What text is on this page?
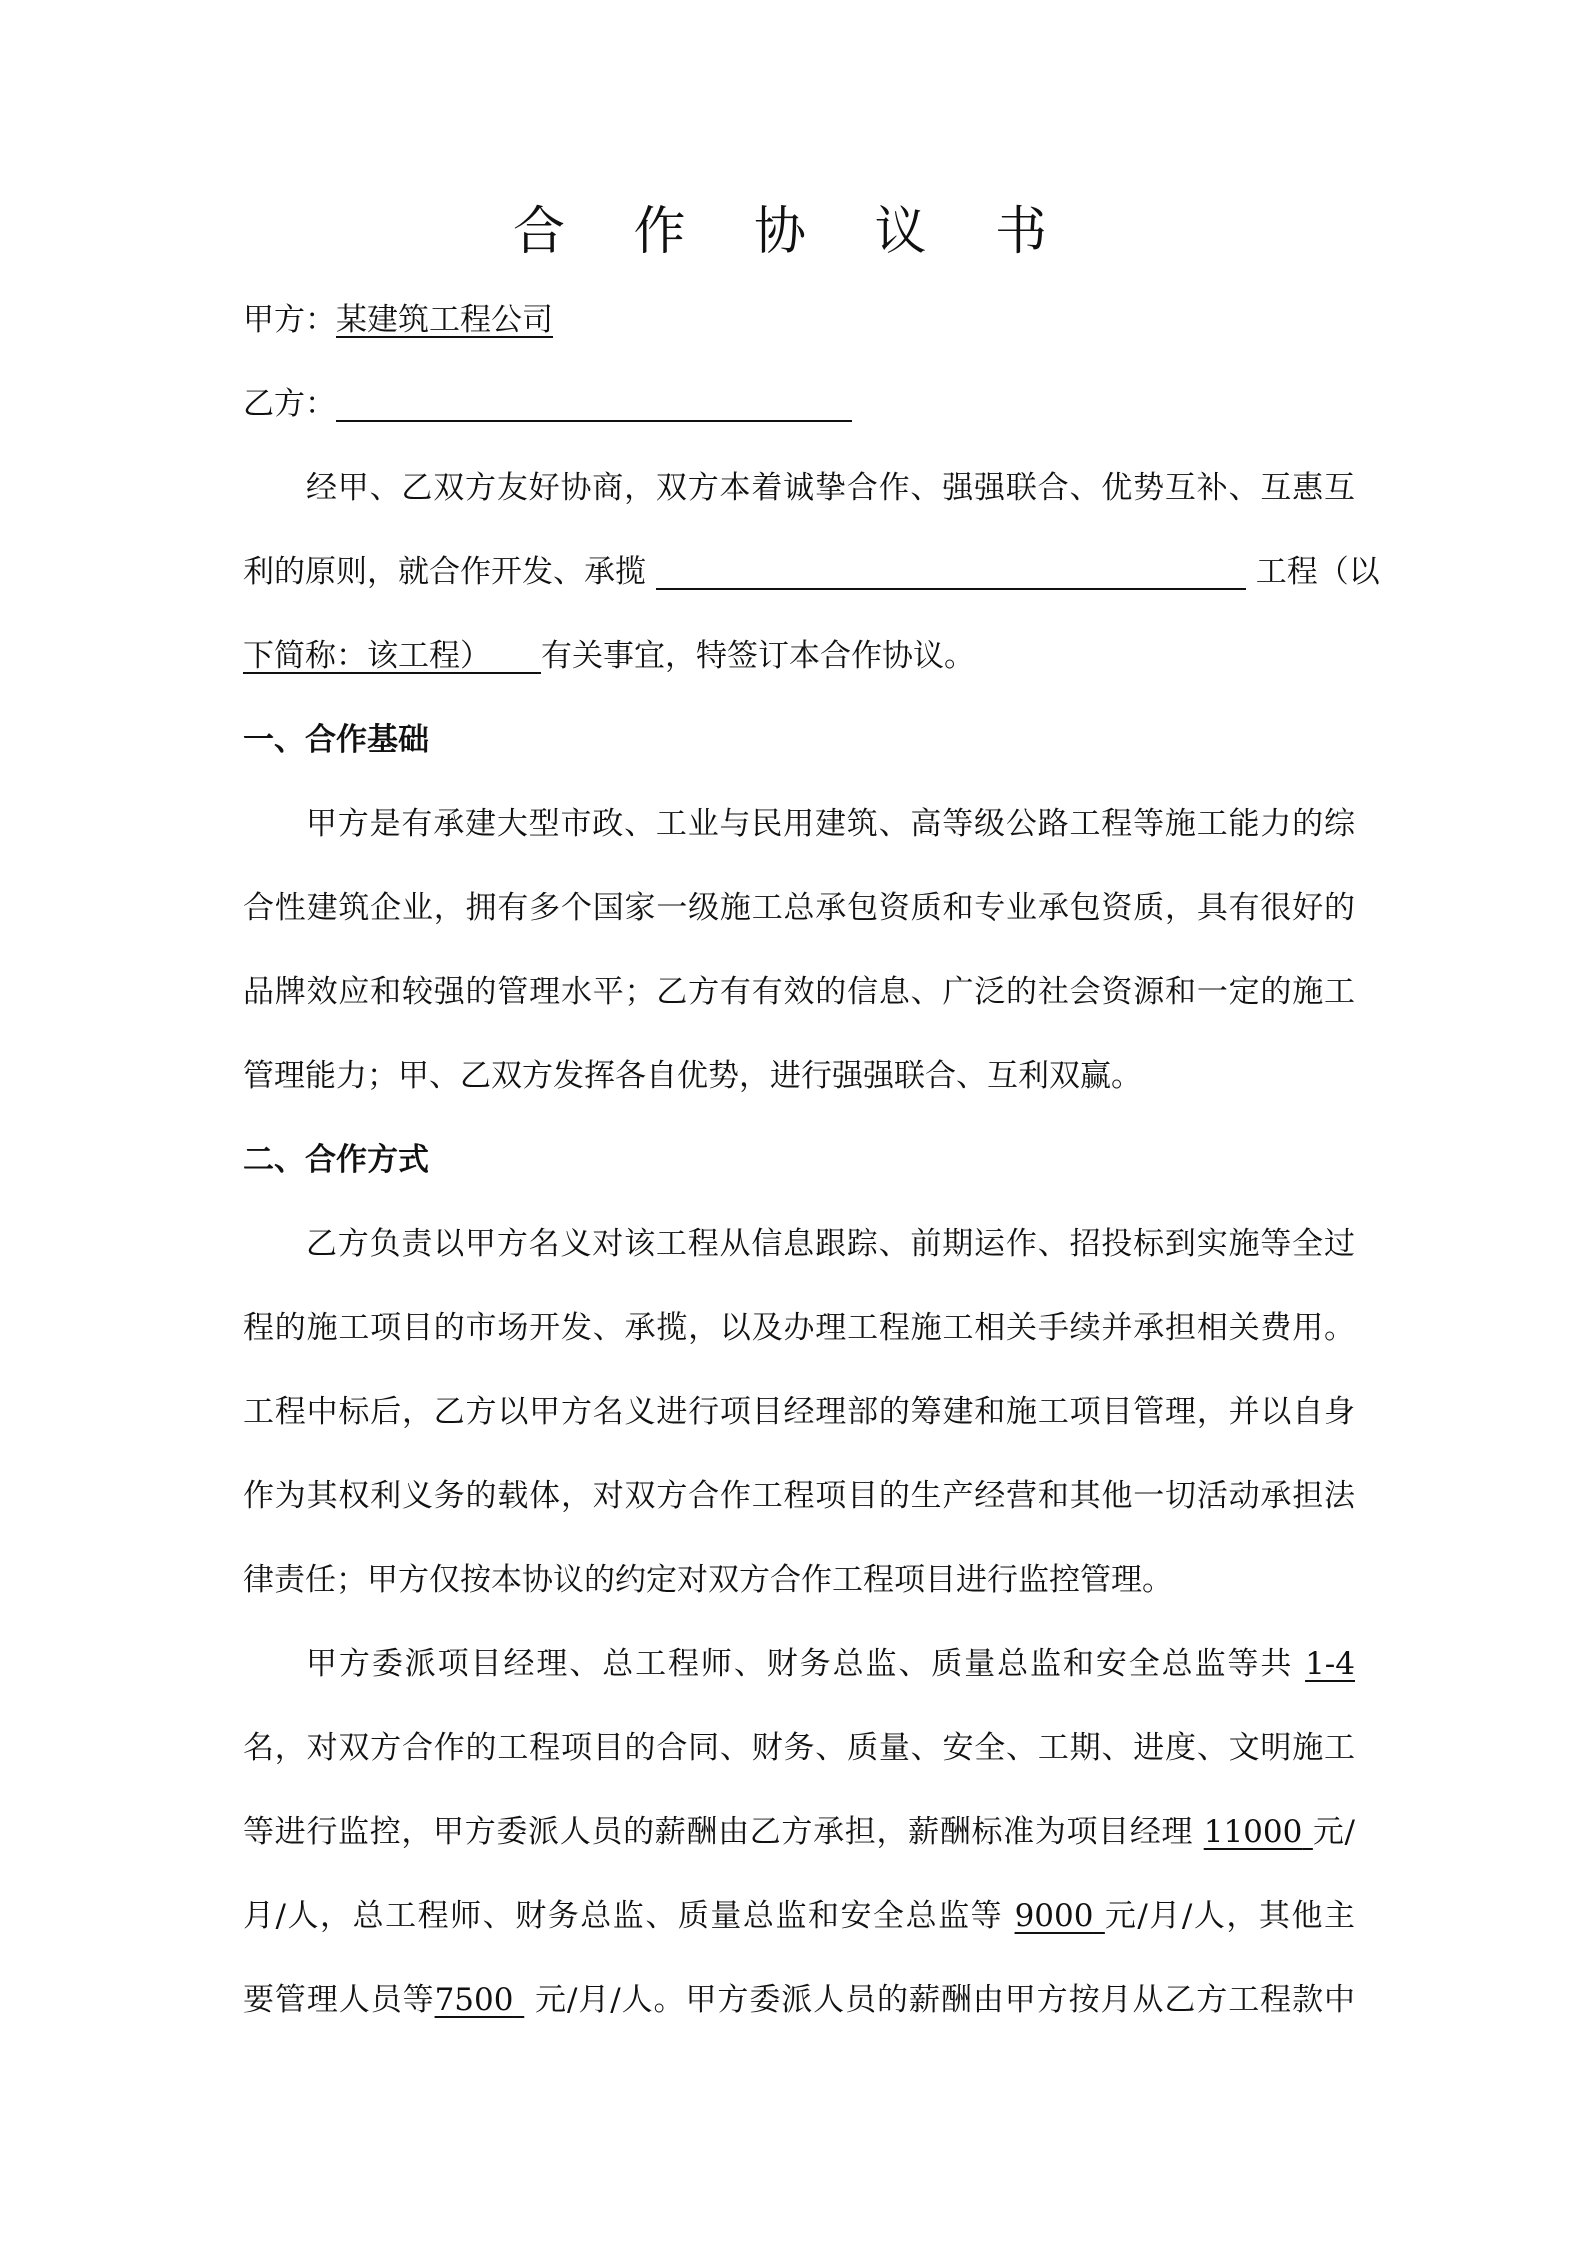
合 作 协 议 书
甲方：某建筑工程公司
乙方：
经甲、乙双方友好协商，双方本着诚挚合作、强强联合、优势互补、互惠互
利的原则，就合作开发、承揽	工程（以
下简称：该工程） 有关事宜，特签订本合作协议。
一、合作基础
甲方是有承建大型市政、工业与民用建筑、高等级公路工程等施工能力的综
合性建筑企业，拥有多个国家一级施工总承包资质和专业承包资质，具有很好的
品牌效应和较强的管理水平；乙方有有效的信息、广泛的社会资源和一定的施工
管理能力；甲、乙双方发挥各自优势，进行强强联合、互利双赢。
二、合作方式
乙方负责以甲方名义对该工程从信息跟踪、前期运作、招投标到实施等全过
程的施工项目的市场开发、承揽，以及办理工程施工相关手续并承担相关费用。
工程中标后，乙方以甲方名义进行项目经理部的筹建和施工项目管理，并以自身
作为其权利义务的载体，对双方合作工程项目的生产经营和其他一切活动承担法
律责任；甲方仅按本协议的约定对双方合作工程项目进行监控管理。
甲方委派项目经理、总工程师、财务总监、质量总监和安全总监等共 1-4
名，对双方合作的工程项目的合同、财务、质量、安全、工期、进度、文明施工
等进行监控，甲方委派人员的薪酬由乙方承担，薪酬标准为项目经理 11000 元/
月/人，总工程师、财务总监、质量总监和安全总监等 9000 元/月/人，其他主
要管理人员等7500 元/月/人。甲方委派人员的薪酬由甲方按月从乙方工程款中
